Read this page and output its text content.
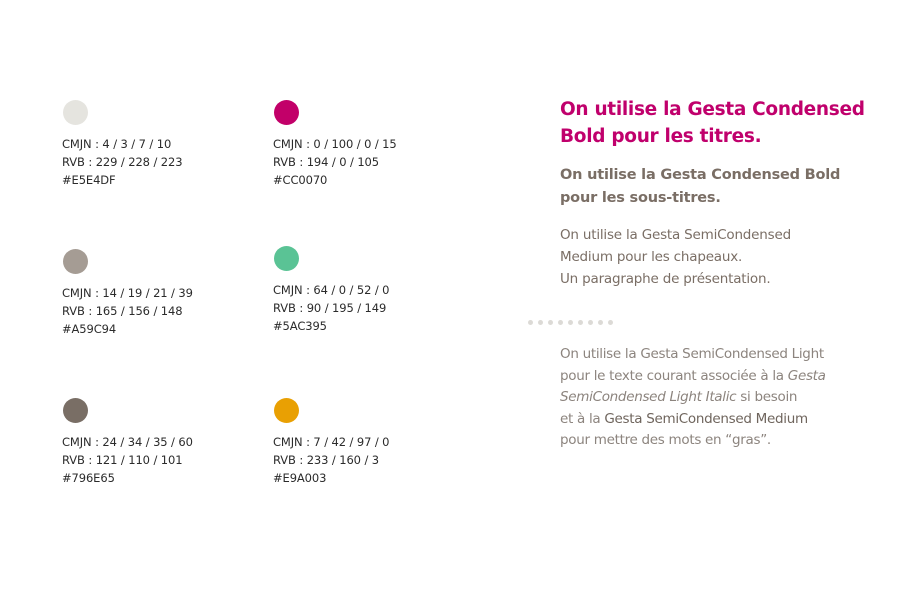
CMJN : 4 / 3 / 7 / 10
RVB : 229 / 228 / 223
#E5E4DF
CMJN : 0 / 100 / 0 / 15
RVB : 194 / 0 / 105
#CC0070
CMJN : 14 / 19 / 21 / 39
RVB : 165 / 156 / 148
#A59C94
CMJN : 64 / 0 / 52 / 0
RVB : 90 / 195 / 149
#5AC395
CMJN : 24 / 34 / 35 / 60
RVB : 121 / 110 / 101
#796E65
CMJN : 7 / 42 / 97 / 0
RVB : 233 / 160 / 3
#E9A003
On utilise la Gesta Condensed
Bold pour les titres.
On utilise la Gesta Condensed Bold
pour les sous-titres.

On utilise la Gesta SemiCondensed
Medium pour les chapeaux.
Un paragraphe de présentation.

On utilise la Gesta SemiCondensed Light
pour le texte courant associée à la Gesta
SemiCondensed Light Italic si besoin
et à la Gesta SemiCondensed Medium
pour mettre des mots en “gras”.
